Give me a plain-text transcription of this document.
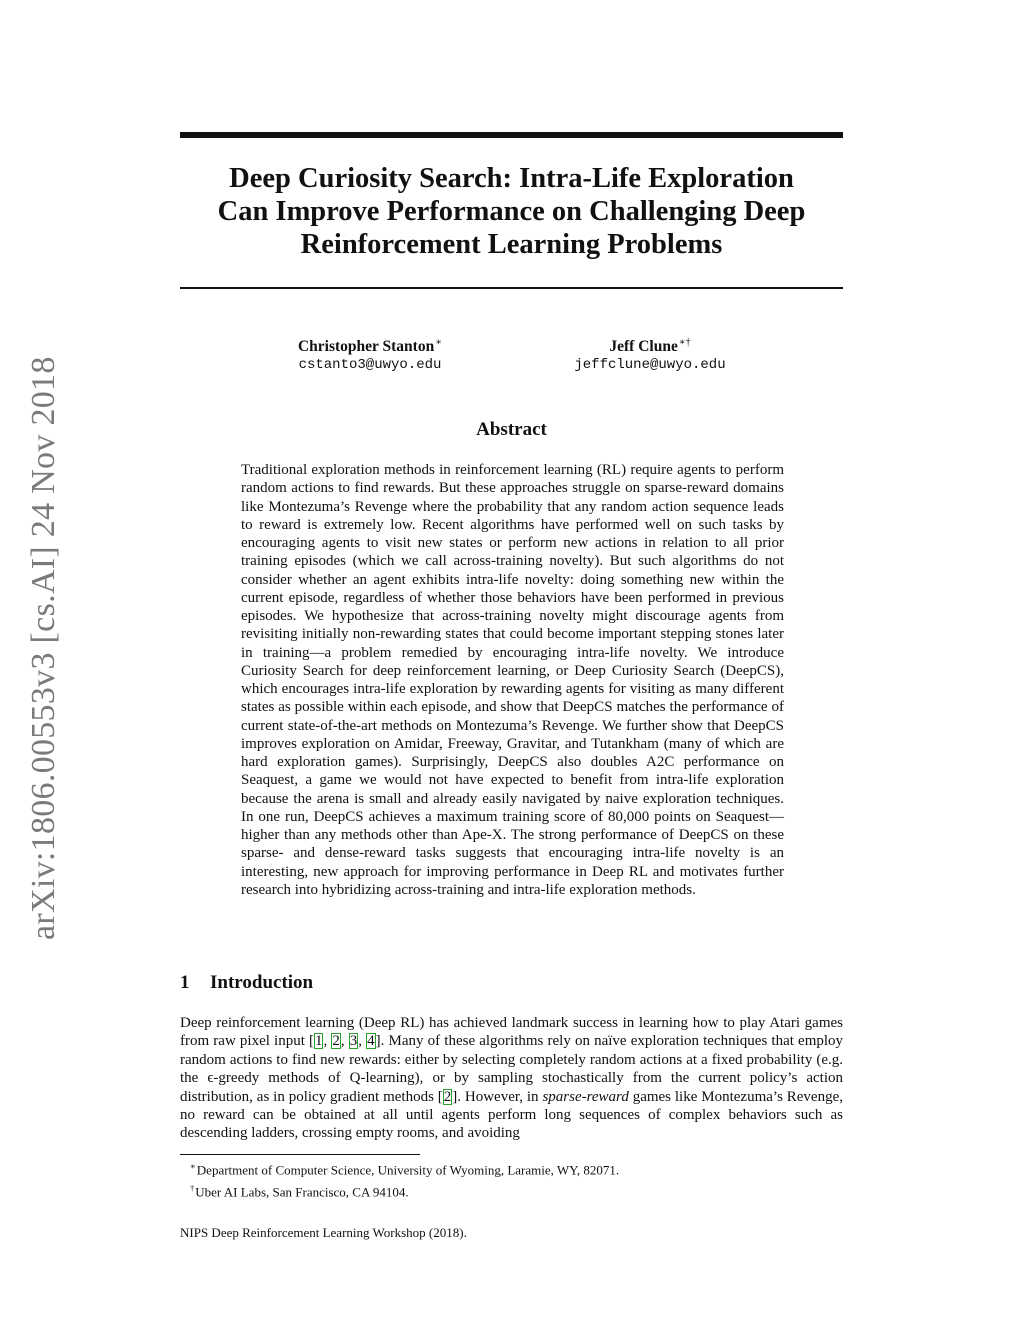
arXiv:1806.00553v3 [cs.AI] 24 Nov 2018
Deep Curiosity Search: Intra-Life Exploration
Can Improve Performance on Challenging Deep
Reinforcement Learning Problems
Christopher Stanton∗
cstanto3@uwyo.edu
Jeff Clune∗†
jeffclune@uwyo.edu
Abstract

Traditional exploration methods in reinforcement learning (RL) require agents to perform random actions to find rewards. But these approaches struggle on sparse-reward domains like Montezuma’s Revenge where the probability that any random action sequence leads to reward is extremely low. Recent algorithms have performed well on such tasks by encouraging agents to visit new states or perform new actions in relation to all prior training episodes (which we call across-training novelty). But such algorithms do not consider whether an agent exhibits intra-life novelty: doing something new within the current episode, regardless of whether those behaviors have been performed in previous episodes. We hypothesize that across-training novelty might discourage agents from revisiting initially non-rewarding states that could become important stepping stones later in training—a problem remedied by encouraging intra-life novelty. We introduce Curiosity Search for deep reinforcement learning, or Deep Curiosity Search (DeepCS), which encourages intra-life exploration by rewarding agents for visiting as many different states as possible within each episode, and show that DeepCS matches the performance of current state-of-the-art methods on Montezuma’s Revenge. We further show that DeepCS improves exploration on Amidar, Freeway, Gravitar, and Tutankham (many of which are hard exploration games). Surprisingly, DeepCS also doubles A2C performance on Seaquest, a game we would not have expected to benefit from intra-life exploration because the arena is small and already easily navigated by naive exploration techniques. In one run, DeepCS achieves a maximum training score of 80,000 points on Seaquest—higher than any methods other than Ape-X. The strong performance of DeepCS on these sparse- and dense-reward tasks suggests that encouraging intra-life novelty is an interesting, new approach for improving performance in Deep RL and motivates further research into hybridizing across-training and intra-life exploration methods.

1 Introduction

Deep reinforcement learning (Deep RL) has achieved landmark success in learning how to play Atari games from raw pixel input [1, 2, 3, 4]. Many of these algorithms rely on naïve exploration techniques that employ random actions to find new rewards: either by selecting completely random actions at a fixed probability (e.g. the ϵ-greedy methods of Q-learning), or by sampling stochastically from the current policy’s action distribution, as in policy gradient methods [2]. However, in sparse-reward games like Montezuma’s Revenge, no reward can be obtained at all until agents perform long sequences of complex behaviors such as descending ladders, crossing empty rooms, and avoiding

∗Department of Computer Science, University of Wyoming, Laramie, WY, 82071.
†Uber AI Labs, San Francisco, CA 94104.
NIPS Deep Reinforcement Learning Workshop (2018).
